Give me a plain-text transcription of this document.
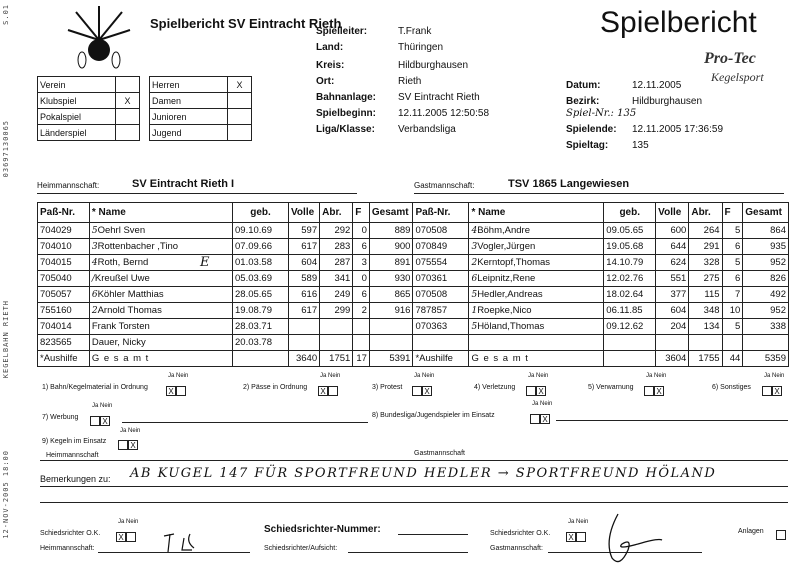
S.01
03697130065
KEGELBAHN RIETH
12-NOV-2005 18:00
Spielbericht SV Eintracht Rieth	Spielbericht
Pro-Tec
Kegelsport
Verein	
Klubspiel	X
Pokalspiel	
Länderspiel	
Herren	X
Damen	
Junioren	
Jugend	
Spielleiter:	T.Frank
Land:	Thüringen
Kreis:	Hildburghausen
Ort:	Rieth
Bahnanlage: SV Eintracht Rieth
Spielbeginn: 12.11.2005 12:50:58
Liga/Klasse: Verbandsliga
Datum:	12.11.2005
Bezirk:	Hildburghausen
Spiel-Nr.: 135
Spielende: 12.11.2005 17:36:59
Spieltag: 135
Heimmannschaft:	SV Eintracht Rieth I	Gastmannschaft:	TSV 1865 Langewiesen
Paß-Nr.	* Name	geb.	Volle	Abr.	F	Gesamt	Paß-Nr.	* Name	geb.	Volle	Abr.	F	Gesamt
704029	5Oehrl Sven	09.10.69	597	292	0	889	070508	4Böhm,Andre	09.05.65	600	264	5	864
704010	3Rottenbacher ,Tino	07.09.66	617	283	6	900	070849	3Vogler,Jürgen	19.05.68	644	291	6	935
704015	4Roth, Bernd	01.03.58	604	287	3	891	075554	2Kerntopf,Thomas	14.10.79	624	328	5	952
705040	/Kreußel Uwe	05.03.69	589	341	0	930	070361	6Leipnitz,Rene	12.02.76	551	275	6	826
705057	6Köhler Matthias	28.05.65	616	249	6	865	070508	5Hedler,Andreas	18.02.64	377	115	7	492
755160	2Arnold Thomas	19.08.79	617	299	2	916	787857	1Roepke,Nico	06.11.85	604	348	10	952
704014	Frank Torsten	28.03.71					070363	5Höland,Thomas	09.12.62	204	134	5	338
823565	Dauer, Nicky	20.03.78											
*Aushilfe	G e s a m t		3640	1751	17	5391	*Aushilfe	G e s a m t		3604	1755	44	5359
E
1) Bahn/Kegelmaterial in Ordnung
Ja Nein
X	2) Pässe in Ordnung
Ja Nein
X	3) Protest
Ja Nein
X	4) Verletzung
Ja Nein
X	5) Verwarnung
Ja Nein
X	6) Sonstiges
Ja Nein
X
7) Werbung
Ja Nein
X
8) Bundesliga/Jugendspieler im Einsatz
Ja Nein
X
9) Kegeln im Einsatz
Ja Nein
X
Heimmannschaft	Gastmannschaft
Bemerkungen zu: AB KUGEL 147 FÜR SPORTFREUND HEDLER → SPORTFREUND HÖLAND
Schiedsrichter O.K.
Ja Nein
X
Heimmannschaft:
Schiedsrichter-Nummer:
Schiedsrichter/Aufsicht:
Schiedsrichter O.K.
Ja Nein
X
Gastmannschaft:
Anlagen
